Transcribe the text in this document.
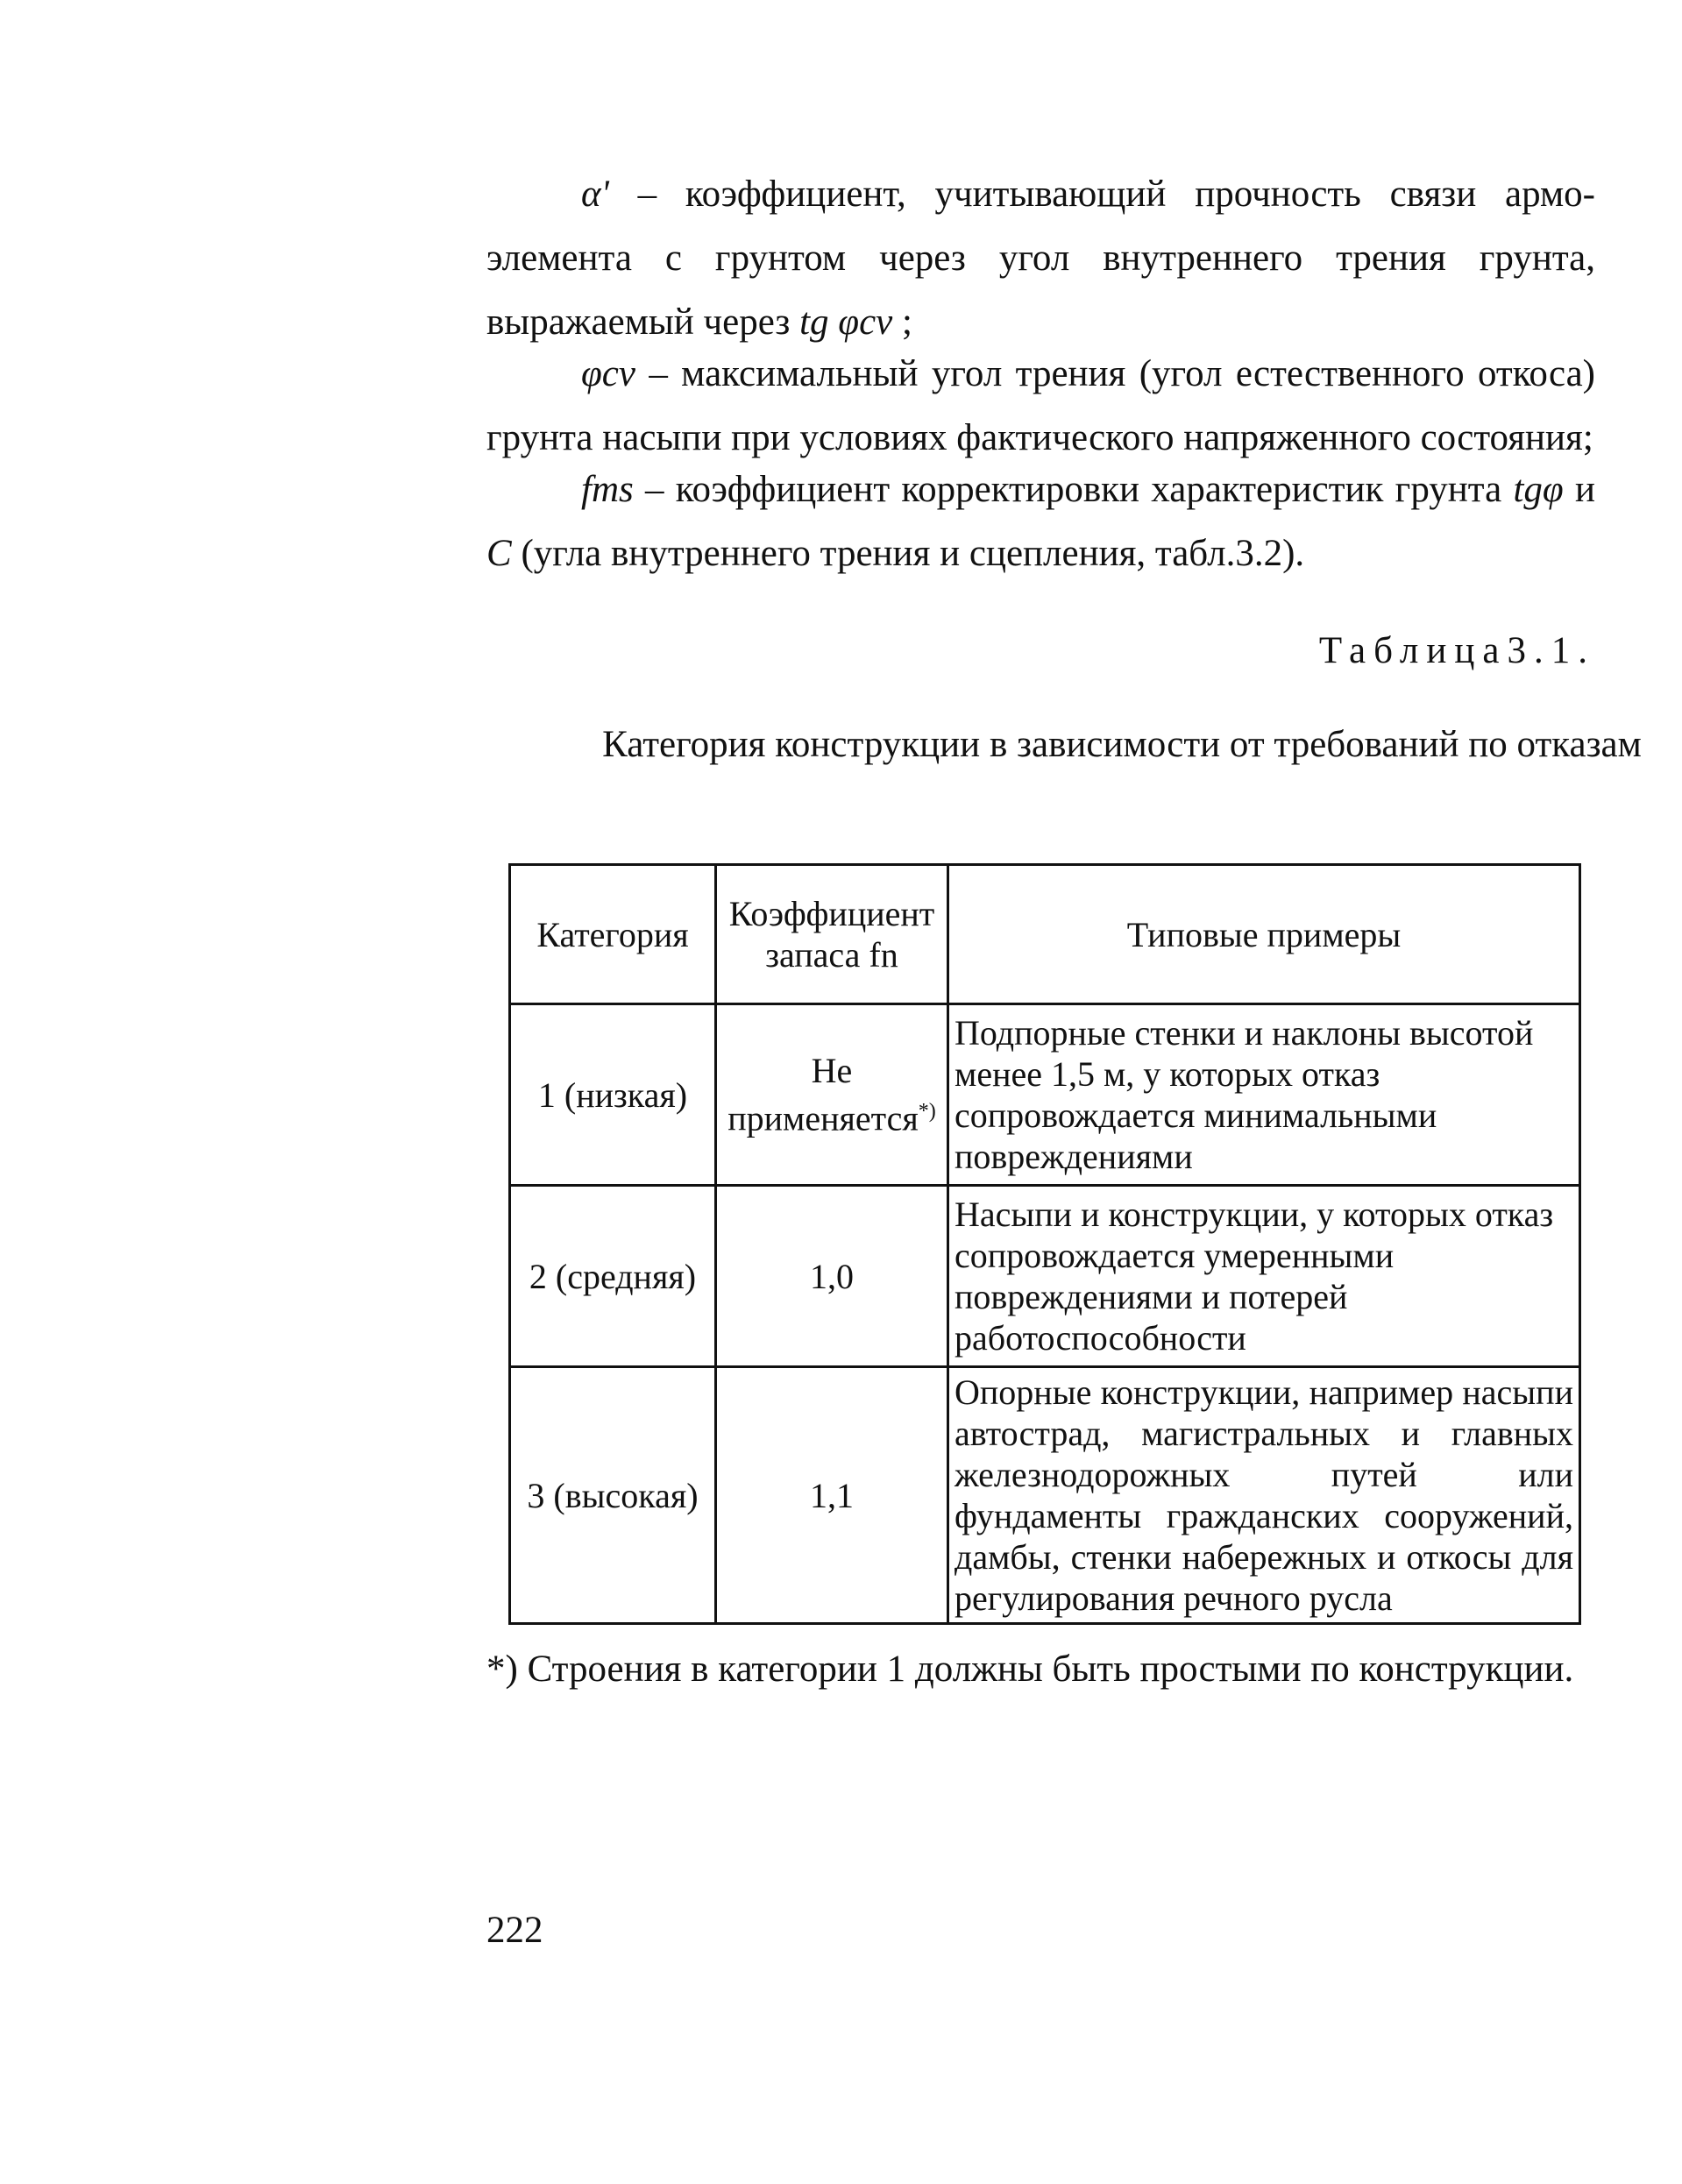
α' – коэффициент, учитывающий прочность связи армо-элемента с грунтом через угол внутреннего трения грунта, выражаемый через tg φcv ;

φcv – максимальный угол трения (угол естественного откоса) грунта насыпи при условиях фактического напряженного состояния;

fms – коэффициент корректировки характеристик грунта tgφ и C (угла внутреннего трения и сцепления, табл.3.2).

Таблица3.1.
Категория конструкции в зависимости от требований по отказам
Категория	Коэффициент запаса fn	Типовые примеры
1 (низкая)	Не применяется*)	Подпорные стенки и наклоны высотой менее 1,5 м, у которых отказ сопровождается минимальными повреждениями
2 (средняя)	1,0	Насыпи и конструкции, у которых отказ сопровождается умеренными повреждениями и потерей работоспособности
3 (высокая)	1,1	Опорные конструкции, например насыпи автострад, магистральных и главных железнодорожных путей или фундаменты гражданских сооружений, дамбы, стенки набережных и откосы для регулирования речного русла
*) Строения в категории 1 должны быть простыми по конструкции.
222
